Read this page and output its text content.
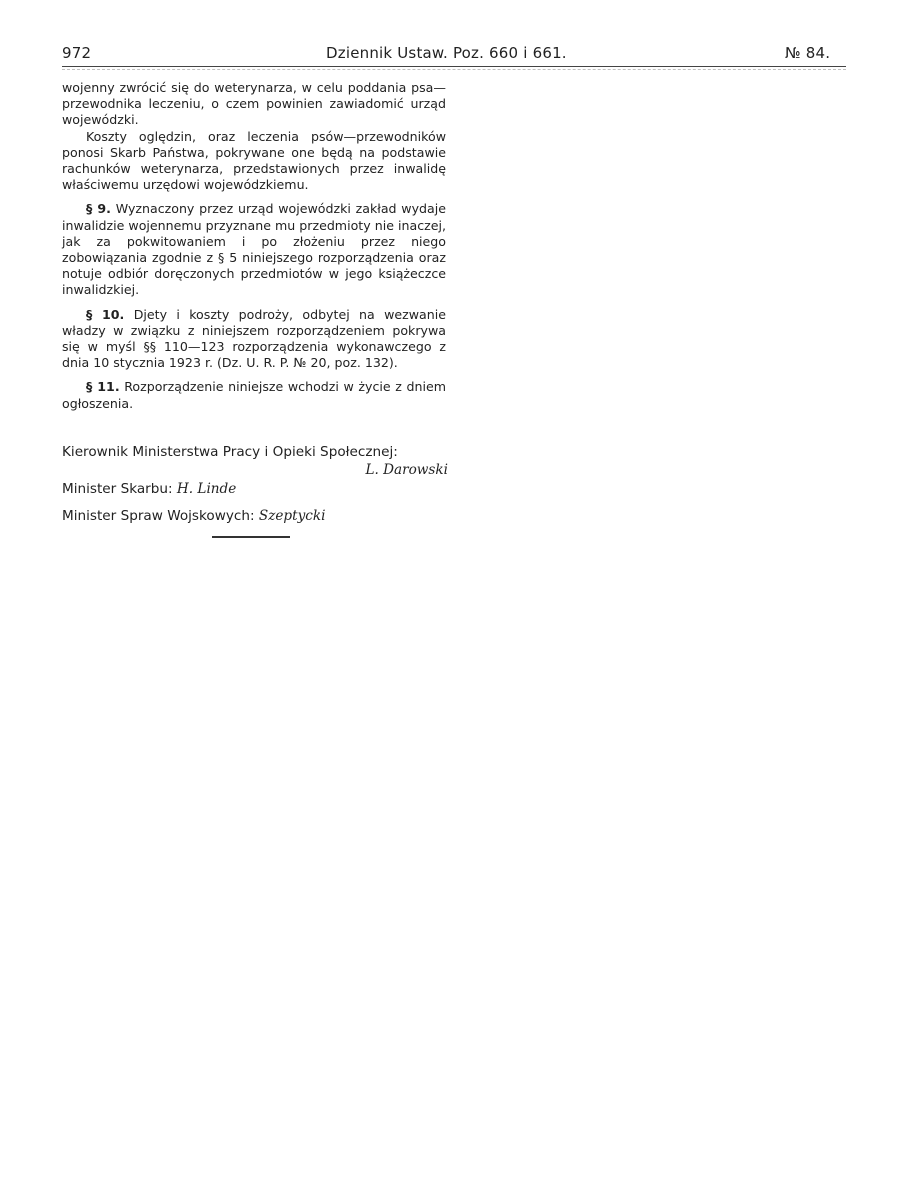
972	Dziennik Ustaw. Poz. 660 i 661.	№ 84.

wojenny zwrócić się do weterynarza, w celu poddania psa—przewodnika leczeniu, o czem powinien zawiadomić urząd wojewódzki.

Koszty oględzin, oraz leczenia psów—przewodników ponosi Skarb Państwa, pokrywane one będą na podstawie rachunków weterynarza, przedstawionych przez inwalidę właściwemu urzędowi wojewódzkiemu.

§ 9. Wyznaczony przez urząd wojewódzki zakład wydaje inwalidzie wojennemu przyznane mu przedmioty nie inaczej, jak za pokwitowaniem i po złożeniu przez niego zobowiązania zgodnie z § 5 niniejszego rozporządzenia oraz notuje odbiór doręczonych przedmiotów w jego książeczce inwalidzkiej.

§ 10. Djety i koszty podroży, odbytej na wezwanie władzy w związku z niniejszem rozporządzeniem pokrywa się w myśl §§ 110—123 rozporządzenia wykonawczego z dnia 10 stycznia 1923 r. (Dz. U. R. P. № 20, poz. 132).

§ 11. Rozporządzenie niniejsze wchodzi w życie z dniem ogłoszenia.

Kierownik Ministerstwa Pracy i Opieki Społecznej:
L. Darowski
Minister Skarbu: H. Linde
Minister Spraw Wojskowych: Szeptycki
